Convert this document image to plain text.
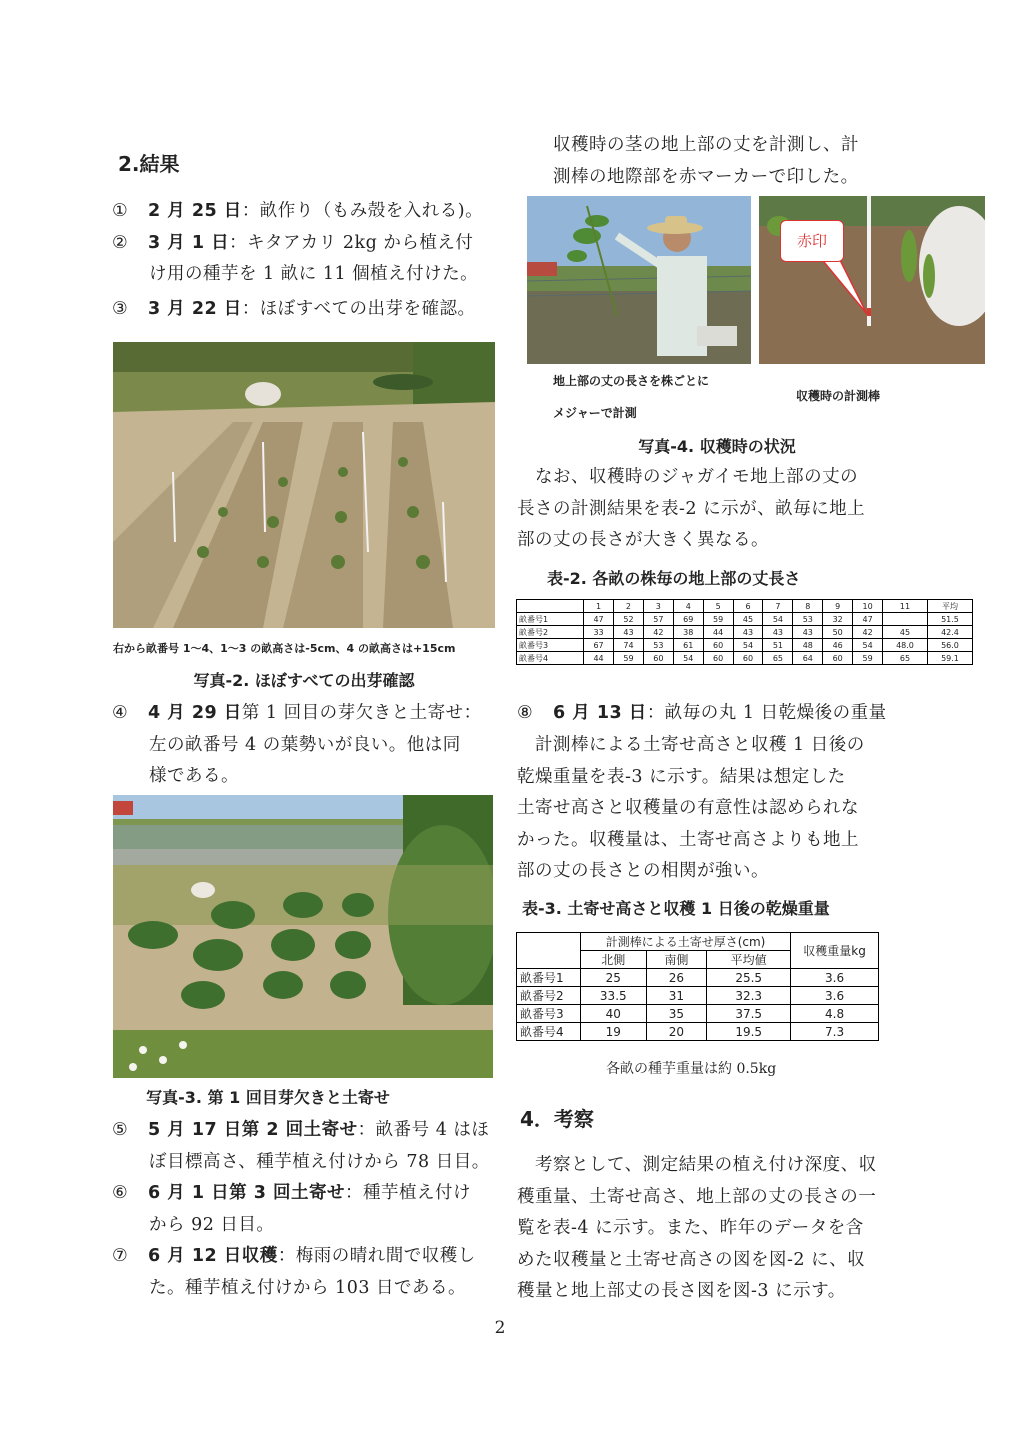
2.結果
① 2 月 25 日：畝作り（もみ殻を入れる)。
② 3 月 1 日：キタアカリ 2kg から植え付
け用の種芋を 1 畝に 11 個植え付けた。
③ 3 月 22 日：ほぼすべての出芽を確認。
右から畝番号 1～4、1～3 の畝高さは-5cm、4 の畝高さは+15cm
写真-2. ほぼすべての出芽確認
④ 4 月 29 日第 1 回目の芽欠きと土寄せ：
左の畝番号 4 の葉勢いが良い。他は同
様である。
写真-3. 第 1 回目芽欠きと土寄せ
⑤ 5 月 17 日第 2 回土寄せ：畝番号 4 はほ
ぼ目標高さ、種芋植え付けから 78 日目。
⑥ 6 月 1 日第 3 回土寄せ：種芋植え付け
から 92 日目。
⑦ 6 月 12 日収穫：梅雨の晴れ間で収穫し
た。種芋植え付けから 103 日である。
収穫時の茎の地上部の丈を計測し、計
測棒の地際部を赤マーカーで印した。
赤印
地上部の丈の長さを株ごとに
メジャーで計測
収穫時の計測棒
写真-4. 収穫時の状況
なお、収穫時のジャガイモ地上部の丈の
長さの計測結果を表-2 に示が、畝毎に地上
部の丈の長さが大きく異なる。
表-2. 各畝の株毎の地上部の丈長さ
	1	2	3	4	5	6	7	8	9	10	11	平均
畝番号1	47	52	57	69	59	45	54	53	32	47		51.5
畝番号2	33	43	42	38	44	43	43	43	50	42	45	42.4
畝番号3	67	74	53	61	60	54	51	48	46	54	48.0	56.0
畝番号4	44	59	60	54	60	60	65	64	60	59	65	59.1
⑧ 6 月 13 日：畝毎の丸 1 日乾燥後の重量
計測棒による土寄せ高さと収穫 1 日後の
乾燥重量を表-3 に示す。結果は想定した
土寄せ高さと収穫量の有意性は認められな
かった。収穫量は、土寄せ高さよりも地上
部の丈の長さとの相関が強い。
表-3. 土寄せ高さと収穫 1 日後の乾燥重量
	計測棒による土寄せ厚さ(cm)			収穫重量kg
	北側	南側	平均値	
畝番号1	25	26	25.5	3.6
畝番号2	33.5	31	32.3	3.6
畝番号3	40	35	37.5	4.8
畝番号4	19	20	19.5	7.3
各畝の種芋重量は約 0.5kg
4．考察
考察として、測定結果の植え付け深度、収
穫重量、土寄せ高さ、地上部の丈の長さの一
覧を表-4 に示す。また、昨年のデータを含
めた収穫量と土寄せ高さの図を図-2 に、収
穫量と地上部丈の長さ図を図-3 に示す。
2
